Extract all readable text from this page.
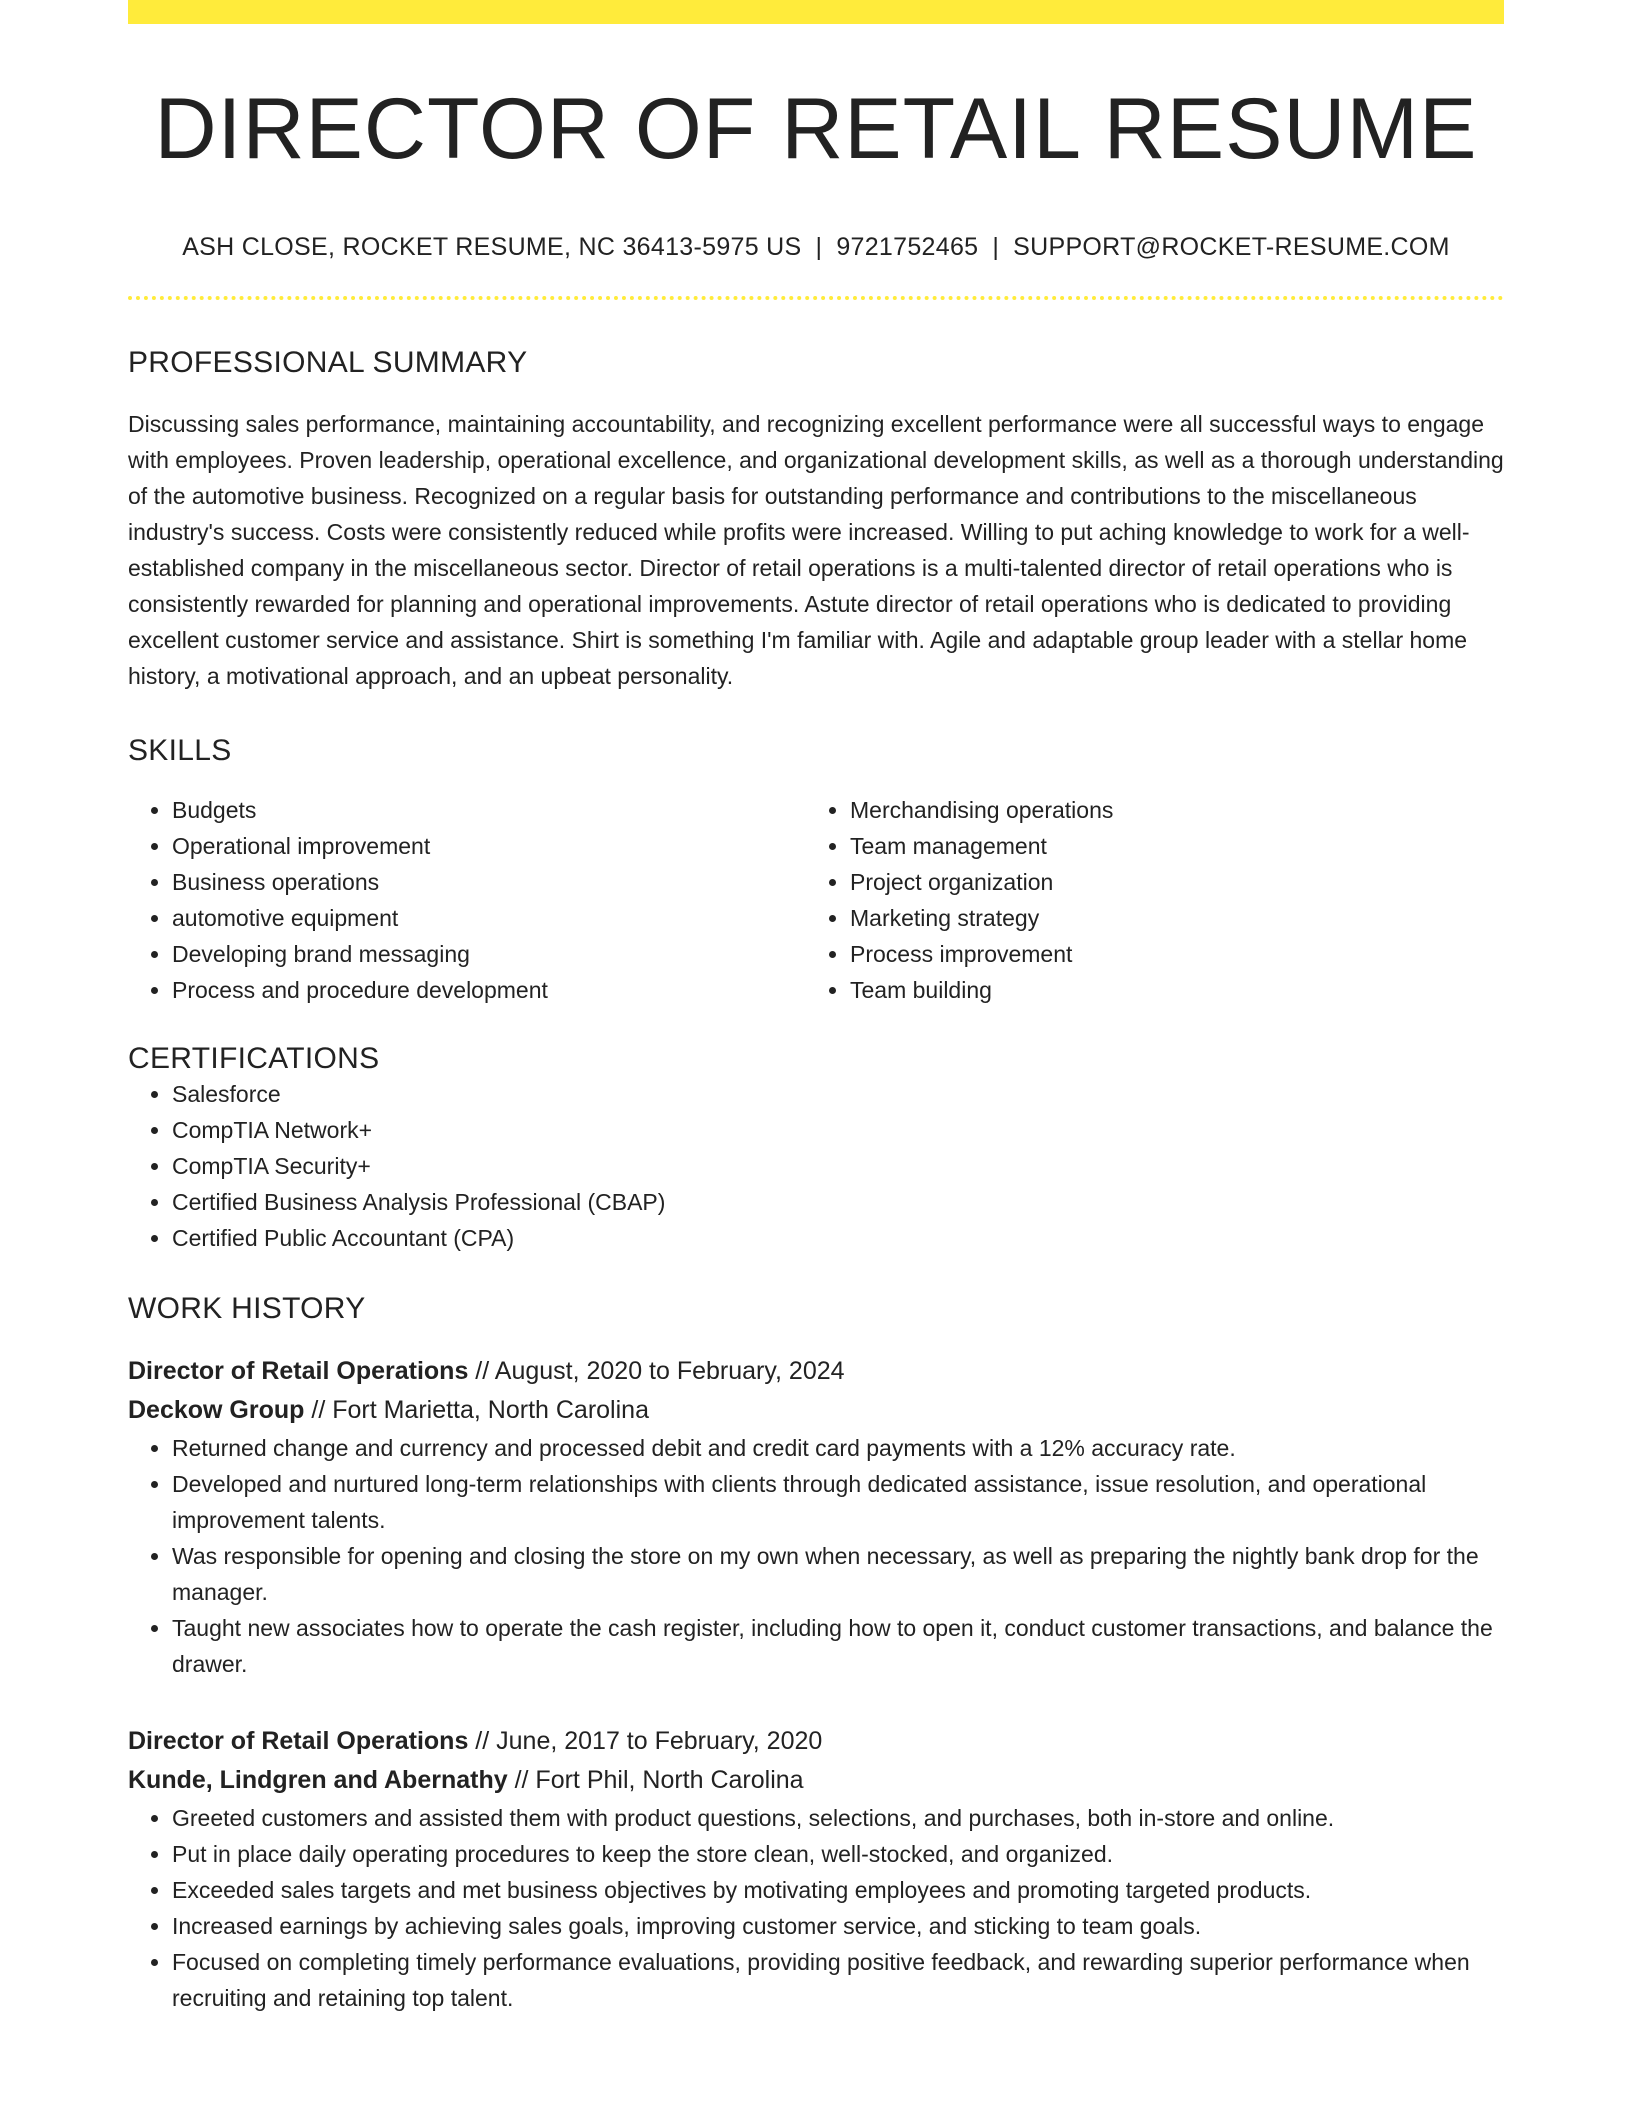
DIRECTOR OF RETAIL RESUME
ASH CLOSE, ROCKET RESUME, NC 36413-5975 US | 9721752465 | SUPPORT@ROCKET-RESUME.COM
PROFESSIONAL SUMMARY

Discussing sales performance, maintaining accountability, and recognizing excellent performance were all successful ways to engage with employees. Proven leadership, operational excellence, and organizational development skills, as well as a thorough understanding of the automotive business. Recognized on a regular basis for outstanding performance and contributions to the miscellaneous industry's success. Costs were consistently reduced while profits were increased. Willing to put aching knowledge to work for a well-established company in the miscellaneous sector. Director of retail operations is a multi-talented director of retail operations who is consistently rewarded for planning and operational improvements. Astute director of retail operations who is dedicated to providing excellent customer service and assistance. Shirt is something I'm familiar with. Agile and adaptable group leader with a stellar home history, a motivational approach, and an upbeat personality.

SKILLS
• Budgets
• Operational improvement
• Business operations
• automotive equipment
• Developing brand messaging
• Process and procedure development
• Merchandising operations
• Team management
• Project organization
• Marketing strategy
• Process improvement
• Team building
CERTIFICATIONS
• Salesforce
• CompTIA Network+
• CompTIA Security+
• Certified Business Analysis Professional (CBAP)
• Certified Public Accountant (CPA)
WORK HISTORY
Director of Retail Operations // August, 2020 to February, 2024
Deckow Group // Fort Marietta, North Carolina
• Returned change and currency and processed debit and credit card payments with a 12% accuracy rate.
• Developed and nurtured long-term relationships with clients through dedicated assistance, issue resolution, and operational improvement talents.
• Was responsible for opening and closing the store on my own when necessary, as well as preparing the nightly bank drop for the manager.
• Taught new associates how to operate the cash register, including how to open it, conduct customer transactions, and balance the drawer.
Director of Retail Operations // June, 2017 to February, 2020
Kunde, Lindgren and Abernathy // Fort Phil, North Carolina
• Greeted customers and assisted them with product questions, selections, and purchases, both in-store and online.
• Put in place daily operating procedures to keep the store clean, well-stocked, and organized.
• Exceeded sales targets and met business objectives by motivating employees and promoting targeted products.
• Increased earnings by achieving sales goals, improving customer service, and sticking to team goals.
• Focused on completing timely performance evaluations, providing positive feedback, and rewarding superior performance when recruiting and retaining top talent.
